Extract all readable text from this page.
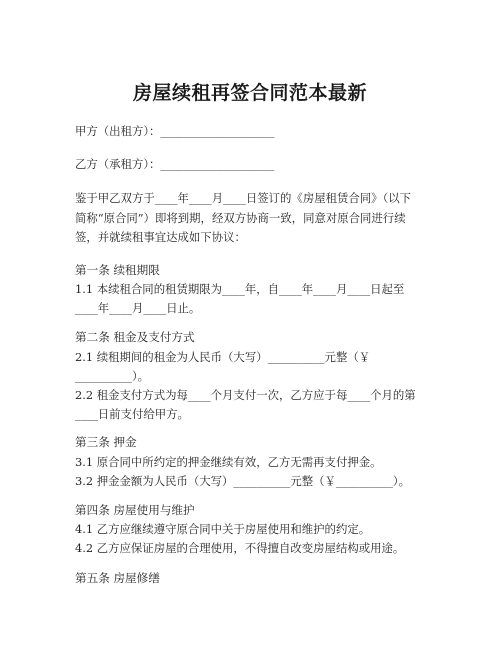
房屋续租再签合同范本最新
甲方（出租方）：____________________
乙方（承租方）：____________________
鉴于甲乙双方于____年____月____日签订的《房屋租赁合同》（以下
简称“原合同”）即将到期，经双方协商一致，同意对原合同进行续
签，并就续租事宜达成如下协议：
第一条 续租期限
1.1 本续租合同的租赁期限为____年，自____年____月____日起至
____年____月____日止。
第二条 租金及支付方式
2.1 续租期间的租金为人民币（大写）__________元整（￥
__________）。
2.2 租金支付方式为每____个月支付一次，乙方应于每____个月的第
____日前支付给甲方。
第三条 押金
3.1 原合同中所约定的押金继续有效，乙方无需再支付押金。
3.2 押金金额为人民币（大写）__________元整（￥__________）。
第四条 房屋使用与维护
4.1 乙方应继续遵守原合同中关于房屋使用和维护的约定。
4.2 乙方应保证房屋的合理使用，不得擅自改变房屋结构或用途。
第五条 房屋修缮
